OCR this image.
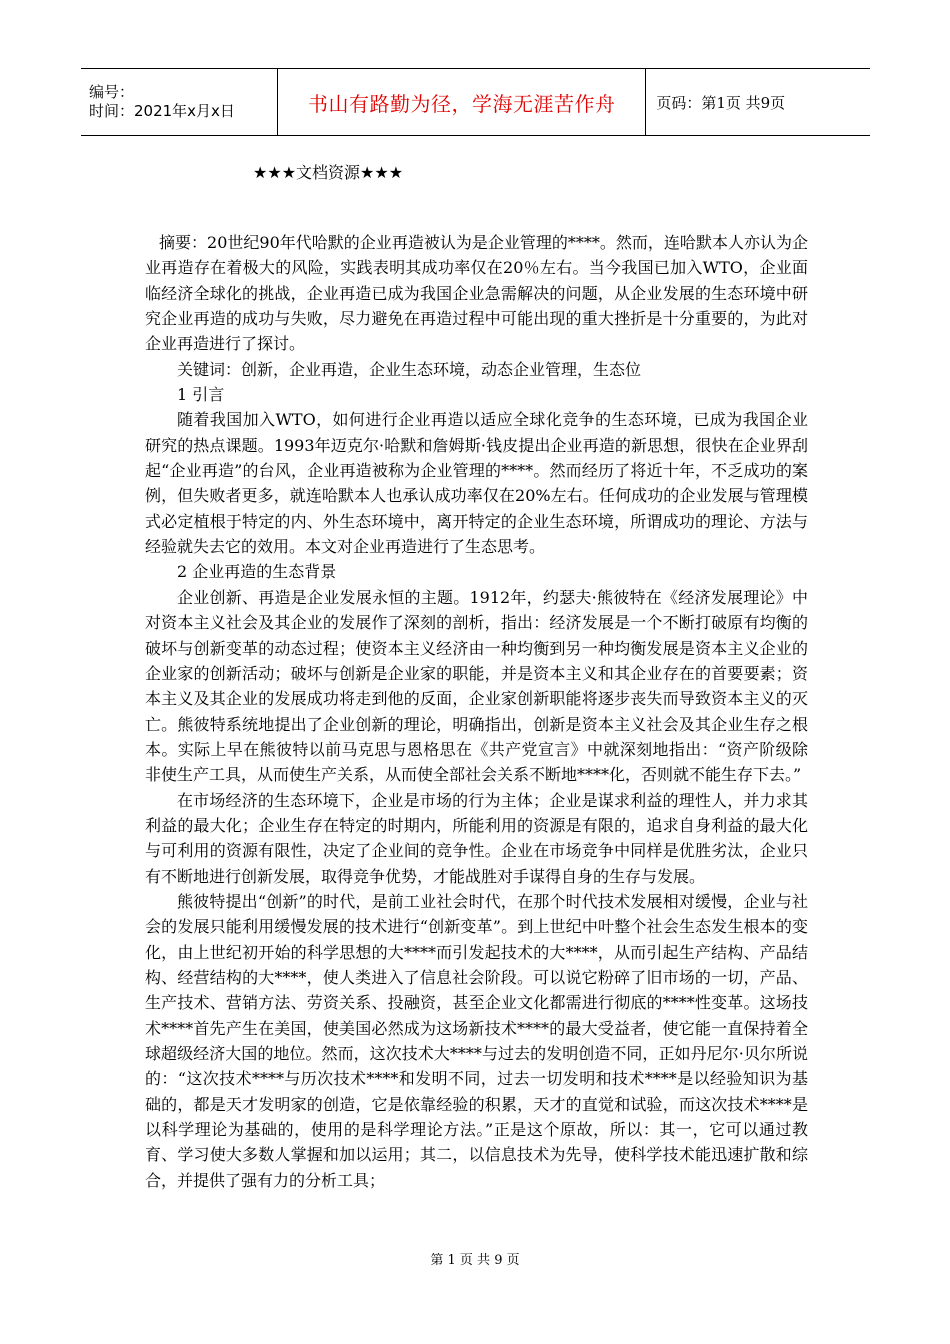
编号：
时间：2021年x月x日	书山有路勤为径，学海无涯苦作舟	页码：第1页 共9页
★★★文档资源★★★

摘要：20世纪90年代哈默的企业再造被认为是企业管理的****。然而，连哈默本人亦认为企业再造存在着极大的风险，实践表明其成功率仅在20％左右。当今我国已加入WTO，企业面临经济全球化的挑战，企业再造已成为我国企业急需解决的问题，从企业发展的生态环境中研究企业再造的成功与失败，尽力避免在再造过程中可能出现的重大挫折是十分重要的，为此对企业再造进行了探讨。

关键词：创新，企业再造，企业生态环境，动态企业管理，生态位

1 引言

随着我国加入WTO，如何进行企业再造以适应全球化竞争的生态环境，已成为我国企业研究的热点课题。1993年迈克尔·哈默和詹姆斯·钱皮提出企业再造的新思想，很快在企业界刮起“企业再造”的台风，企业再造被称为企业管理的****。然而经历了将近十年，不乏成功的案例，但失败者更多，就连哈默本人也承认成功率仅在20%左右。任何成功的企业发展与管理模式必定植根于特定的内、外生态环境中，离开特定的企业生态环境，所谓成功的理论、方法与经验就失去它的效用。本文对企业再造进行了生态思考。

2 企业再造的生态背景

企业创新、再造是企业发展永恒的主题。1912年，约瑟夫·熊彼特在《经济发展理论》中对资本主义社会及其企业的发展作了深刻的剖析，指出：经济发展是一个不断打破原有均衡的破坏与创新变革的动态过程；使资本主义经济由一种均衡到另一种均衡发展是资本主义企业的企业家的创新活动；破坏与创新是企业家的职能，并是资本主义和其企业存在的首要要素；资本主义及其企业的发展成功将走到他的反面，企业家创新职能将逐步丧失而导致资本主义的灭亡。熊彼特系统地提出了企业创新的理论，明确指出，创新是资本主义社会及其企业生存之根本。实际上早在熊彼特以前马克思与恩格思在《共产党宣言》中就深刻地指出：“资产阶级除非使生产工具，从而使生产关系，从而使全部社会关系不断地****化，否则就不能生存下去。”

在市场经济的生态环境下，企业是市场的行为主体；企业是谋求利益的理性人，并力求其利益的最大化；企业生存在特定的时期内，所能利用的资源是有限的，追求自身利益的最大化与可利用的资源有限性，决定了企业间的竞争性。企业在市场竞争中同样是优胜劣汰，企业只有不断地进行创新发展，取得竞争优势，才能战胜对手谋得自身的生存与发展。

熊彼特提出“创新”的时代，是前工业社会时代，在那个时代技术发展相对缓慢，企业与社会的发展只能利用缓慢发展的技术进行“创新变革”。到上世纪中叶整个社会生态发生根本的变化，由上世纪初开始的科学思想的大****而引发起技术的大****，从而引起生产结构、产品结构、经营结构的大****，使人类进入了信息社会阶段。可以说它粉碎了旧市场的一切，产品、生产技术、营销方法、劳资关系、投融资，甚至企业文化都需进行彻底的****性变革。这场技术****首先产生在美国，使美国必然成为这场新技术****的最大受益者，使它能一直保持着全球超级经济大国的地位。然而，这次技术大****与过去的发明创造不同，正如丹尼尔·贝尔所说的：“这次技术****与历次技术****和发明不同，过去一切发明和技术****是以经验知识为基础的，都是天才发明家的创造，它是依靠经验的积累，天才的直觉和试验，而这次技术****是以科学理论为基础的，使用的是科学理论方法。”正是这个原故，所以：其一，它可以通过教育、学习使大多数人掌握和加以运用；其二，以信息技术为先导，使科学技术能迅速扩散和综合，并提供了强有力的分析工具；

第 1 页 共 9 页
